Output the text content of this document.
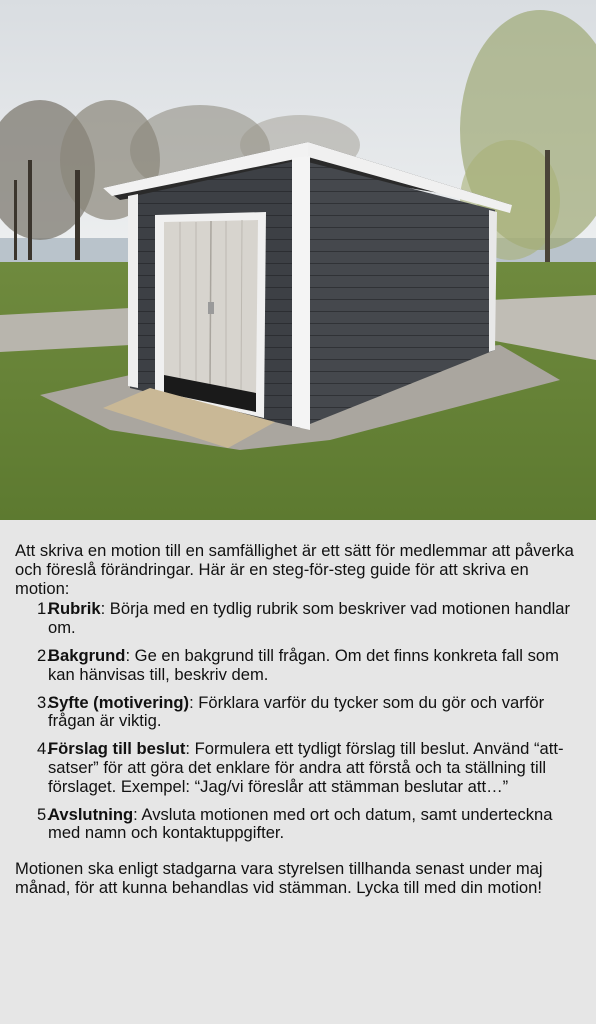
Att skriva en motion till en samfällighet är ett sätt för medlemmar att påverka och föreslå förändringar. Här är en steg-för-steg guide för att skriva en motion:

1.
Rubrik: Börja med en tydlig rubrik som beskriver vad motionen handlar om.
2.
Bakgrund: Ge en bakgrund till frågan. Om det finns konkreta fall som kan hänvisas till, beskriv dem.
3.
Syfte (motivering): Förklara varför du tycker som du gör och varför frågan är viktig.
4.
Förslag till beslut: Formulera ett tydligt förslag till beslut. Använd “att-satser” för att göra det enklare för andra att förstå och ta ställning till förslaget. Exempel: “Jag/vi föreslår att stämman beslutar att…”
5.
Avslutning: Avsluta motionen med ort och datum, samt underteckna med namn och kontaktuppgifter.

Motionen ska enligt stadgarna vara styrelsen tillhanda senast under maj månad, för att kunna behandlas vid stämman. Lycka till med din motion!
